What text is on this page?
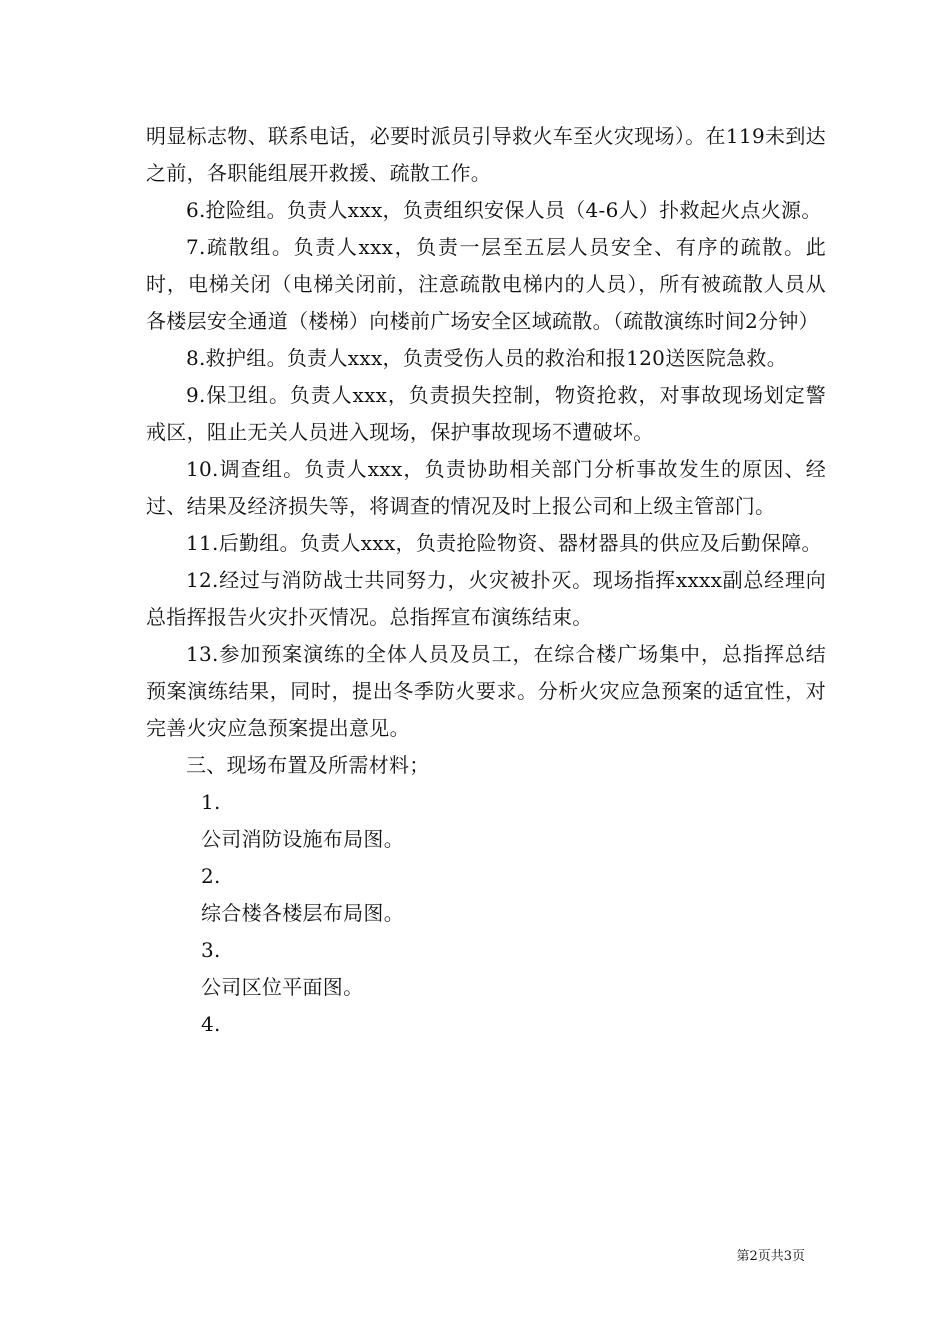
明显标志物、联系电话，必要时派员引导救火车至火灾现场）。在119未到达之前，各职能组展开救援、疏散工作。

6.抢险组。负责人xxx，负责组织安保人员（4-6人）扑救起火点火源。

7.疏散组。负责人xxx，负责一层至五层人员安全、有序的疏散。此时，电梯关闭（电梯关闭前，注意疏散电梯内的人员），所有被疏散人员从各楼层安全通道（楼梯）向楼前广场安全区域疏散。（疏散演练时间2分钟）

8.救护组。负责人xxx，负责受伤人员的救治和报120送医院急救。

9.保卫组。负责人xxx，负责损失控制，物资抢救，对事故现场划定警戒区，阻止无关人员进入现场，保护事故现场不遭破坏。

10.调查组。负责人xxx，负责协助相关部门分析事故发生的原因、经过、结果及经济损失等，将调查的情况及时上报公司和上级主管部门。

11.后勤组。负责人xxx，负责抢险物资、器材器具的供应及后勤保障。

12.经过与消防战士共同努力，火灾被扑灭。现场指挥xxxx副总经理向总指挥报告火灾扑灭情况。总指挥宣布演练结束。

13.参加预案演练的全体人员及员工，在综合楼广场集中，总指挥总结预案演练结果，同时，提出冬季防火要求。分析火灾应急预案的适宜性，对完善火灾应急预案提出意见。

三、现场布置及所需材料；

1.

公司消防设施布局图。

2.

综合楼各楼层布局图。

3.

公司区位平面图。

4.

第2页共3页
